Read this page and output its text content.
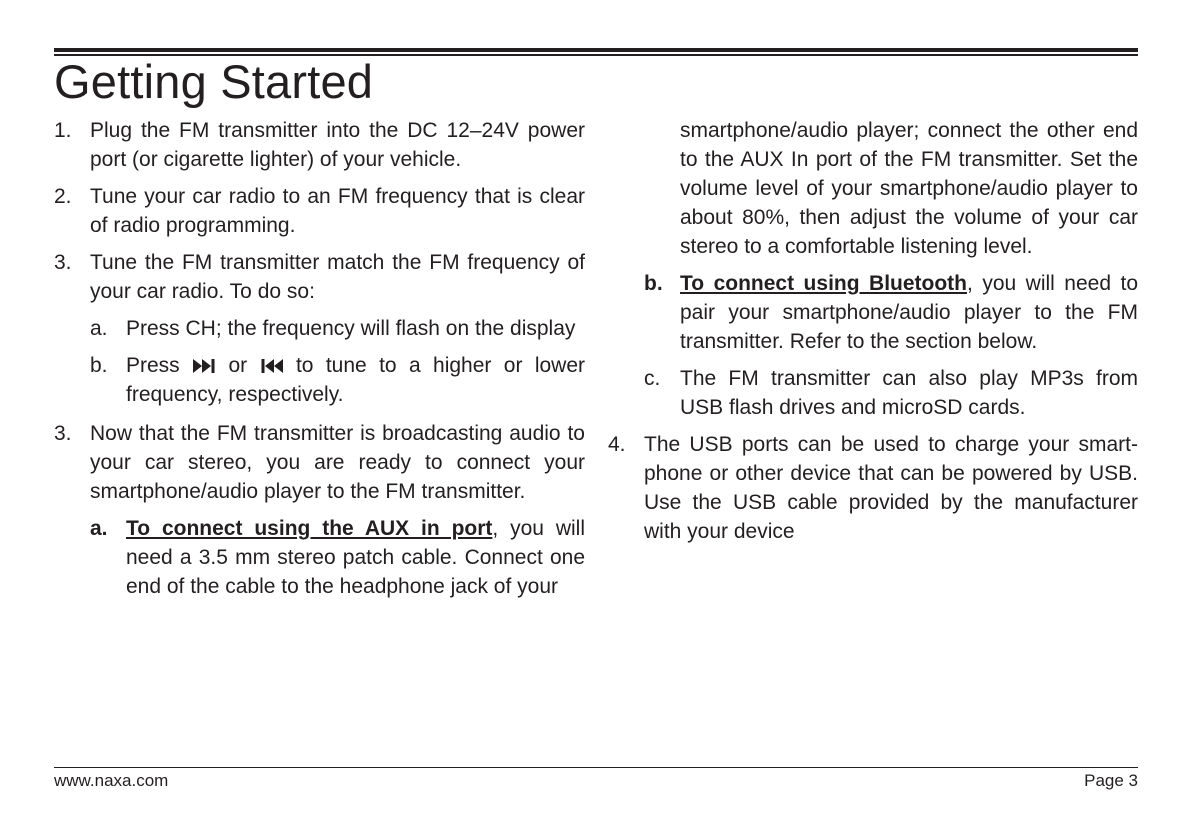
Getting Started
1. Plug the FM transmitter into the DC 12–24V power port (or cigarette lighter) of your vehicle.
2. Tune your car radio to an FM frequency that is clear of radio programming.
3. Tune the FM transmitter match the FM frequency of your car radio. To do so:
a. Press CH; the frequency will flash on the display
b. Press or to tune to a higher or lower frequency, respectively.
3. Now that the FM transmitter is broadcasting audio to your car stereo, you are ready to connect your smartphone/audio player to the FM transmitter.
a. To connect using the AUX in port, you will need a 3.5 mm stereo patch cable. Connect one end of the cable to the headphone jack of your
smartphone/audio player; connect the other end to the AUX In port of the FM transmitter. Set the volume level of your smartphone/audio player to about 80%, then adjust the volume of your car stereo to a comfortable listening level.
b. To connect using Bluetooth, you will need to pair your smartphone/audio player to the FM transmitter. Refer to the section below.
c. The FM transmitter can also play MP3s from USB flash drives and microSD cards.
4. The USB ports can be used to charge your smart-phone or other device that can be powered by USB. Use the USB cable provided by the manufacturer with your device
www.naxa.com	Page 3
